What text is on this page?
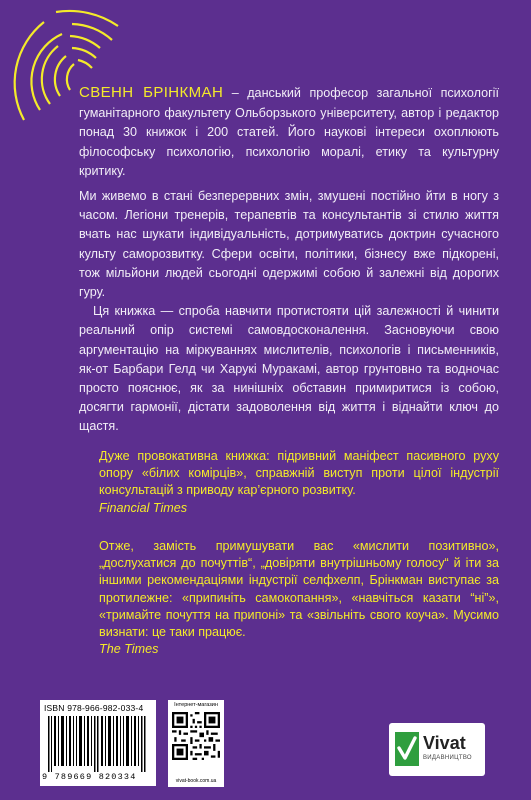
СВЕНН БРІНКМАН – данський професор загальної психології гуманітарного факультету Ольборзького університету, автор і редактор понад 30 книжок і 200 статей. Його наукові інтереси охоплюють філософську психологію, психологію моралі, етику та культурну критику.

Ми живемо в стані безперервних змін, змушені постійно йти в ногу з часом. Легіони тренерів, терапевтів та консультантів зі стилю життя вчать нас шукати індивідуальність, дотримуватись доктрин сучасного культу саморозвитку. Сфери освіти, політики, бізнесу вже підкорені, тож мільйони людей сьогодні одержимі собою й залежні від дорогих гуру.

Ця книжка — спроба навчити протистояти цій залежності й чинити реальний опір системі самовдосконалення. Засновуючи свою аргументацію на міркуваннях мислителів, психологів і письменників, як-от Барбари Гелд чи Харукі Муракамі, автор грунтовно та водночас просто пояснює, як за нинішніх обставин примиритися із собою, досягти гармонії, дістати задоволення від життя і віднайти ключ до щастя.

Дуже провокативна книжка: підривний маніфест пасивного руху опору «білих комірців», справжній виступ проти цілої індустрії консультацій з приводу кар’єрного розвитку.

Financial Times

Отже, замість примушувати вас «мислити позитивно», „дослухатися до почуттів“, „довіряти внутрішньому голосу“ й іти за іншими рекомендаціями індустрії селфхелп, Брінкман виступає за протилежне: «припиніть самокопання», «навчіться казати “ні”», «тримайте почуття на припоні» та «звільніть свого коуча». Мусимо визнати: це таки працює.

The Times

ISBN 978-966-982-033-4
9 789669 820334
Інтернет-магазин
vivat-book.com.ua
Vivat
ВИДАВНИЦТВО
